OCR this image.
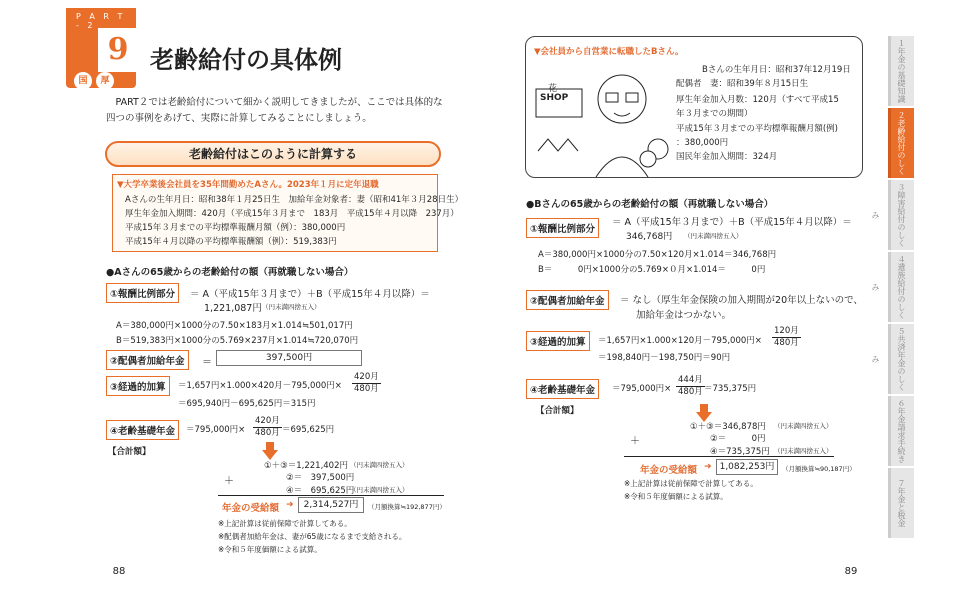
P A R T - 2
9
国	厚
老齢給付の具体例
PART２では老齢給付について細かく説明してきましたが、ここでは具体的な四つの事例をあげて、実際に計算してみることにしましょう。
老齢給付はこのように計算する
▼大学卒業後会社員を35年間勤めたAさん。2023年１月に定年退職
Aさんの生年月日：昭和38年１月25日生　加給年金対象者：妻（昭和41年３月28日生）
厚生年金加入期間：420月（平成15年３月まで　183月　平成15年４月以降　237月）
平成15年３月までの平均標準報酬月額（例）：380,000円
平成15年４月以降の平均標準報酬額（例）：519,383円
●Aさんの65歳からの老齢給付の額（再就職しない場合）
①報酬比例部分	＝ A（平成15年３月まで）＋B（平成15年４月以降）＝
1,221,087円 （円未満四捨五入）
A＝380,000円×1000分の7.50×183月×1.014≒501,017円
B＝519,383円×1000分の5.769×237月×1.014≒720,070円
②配偶者加給年金	＝	397,500円
③経過的加算	＝1,657円×1.000×420月－795,000円×
420月
480月
＝695,940円－695,625円＝315円
④老齢基礎年金	＝795,000円×
420月
480月 ＝695,625円
【合計額】
①＋③＝1,221,402円 （円未満四捨五入）
＋	②＝　397,500円
④＝　695,625円
（円未満四捨五入）
年金の受給額 ➜	2,314,527円	（月額換算≒192,877円）
※上記計算は従前保障で計算してある。
※配偶者加給年金は、妻が65歳になるまで支給される。
※令和５年度価額による試算。
88
▼会社員から自営業に転職したBさん。
花
SHOP
Bさんの生年月日：昭和37年12月19日
配偶者　妻：昭和39年８月15日生
厚生年金加入月数：120月（すべて平成15
年３月までの期間）
平成15年３月までの平均標準報酬月額(例)
：380,000円
国民年金加入期間：324月
●Bさんの65歳からの老齢給付の額（再就職しない場合）
①報酬比例部分
＝ A（平成15年３月まで）＋B（平成15年４月以降）＝
346,768円 （円未満四捨五入）
A＝380,000円×1000分の7.50×120月×1.014＝346,768円
B＝　　　0円×1000分の5.769×０月×1.014＝　　　0円
②配偶者加給年金	＝ なし（厚生年金保険の加入期間が20年以上ないので、
加給年金はつかない。
③経過的加算	＝1,657円×1.000×120月－795,000円×
120月
480月
＝198,840円－198,750円＝90円
④老齢基礎年金	＝795,000円×
444月
480月 ＝735,375円
【合計額】
①＋③＝346,878円 （円未満四捨五入）
＋	②＝　　　0円
④＝735,375円 （円未満四捨五入）
年金の受給額 ➜ 1,082,253円	（月額換算≒90,187円）
※上記計算は従前保障で計算してある。
※令和５年度価額による試算。
89
１年金の基礎知識
２老齢給付のしくみ
３障害給付のしくみ
４遺族給付のしくみ
５共済年金のしくみ
６年金請求手続き
７年金と税金
